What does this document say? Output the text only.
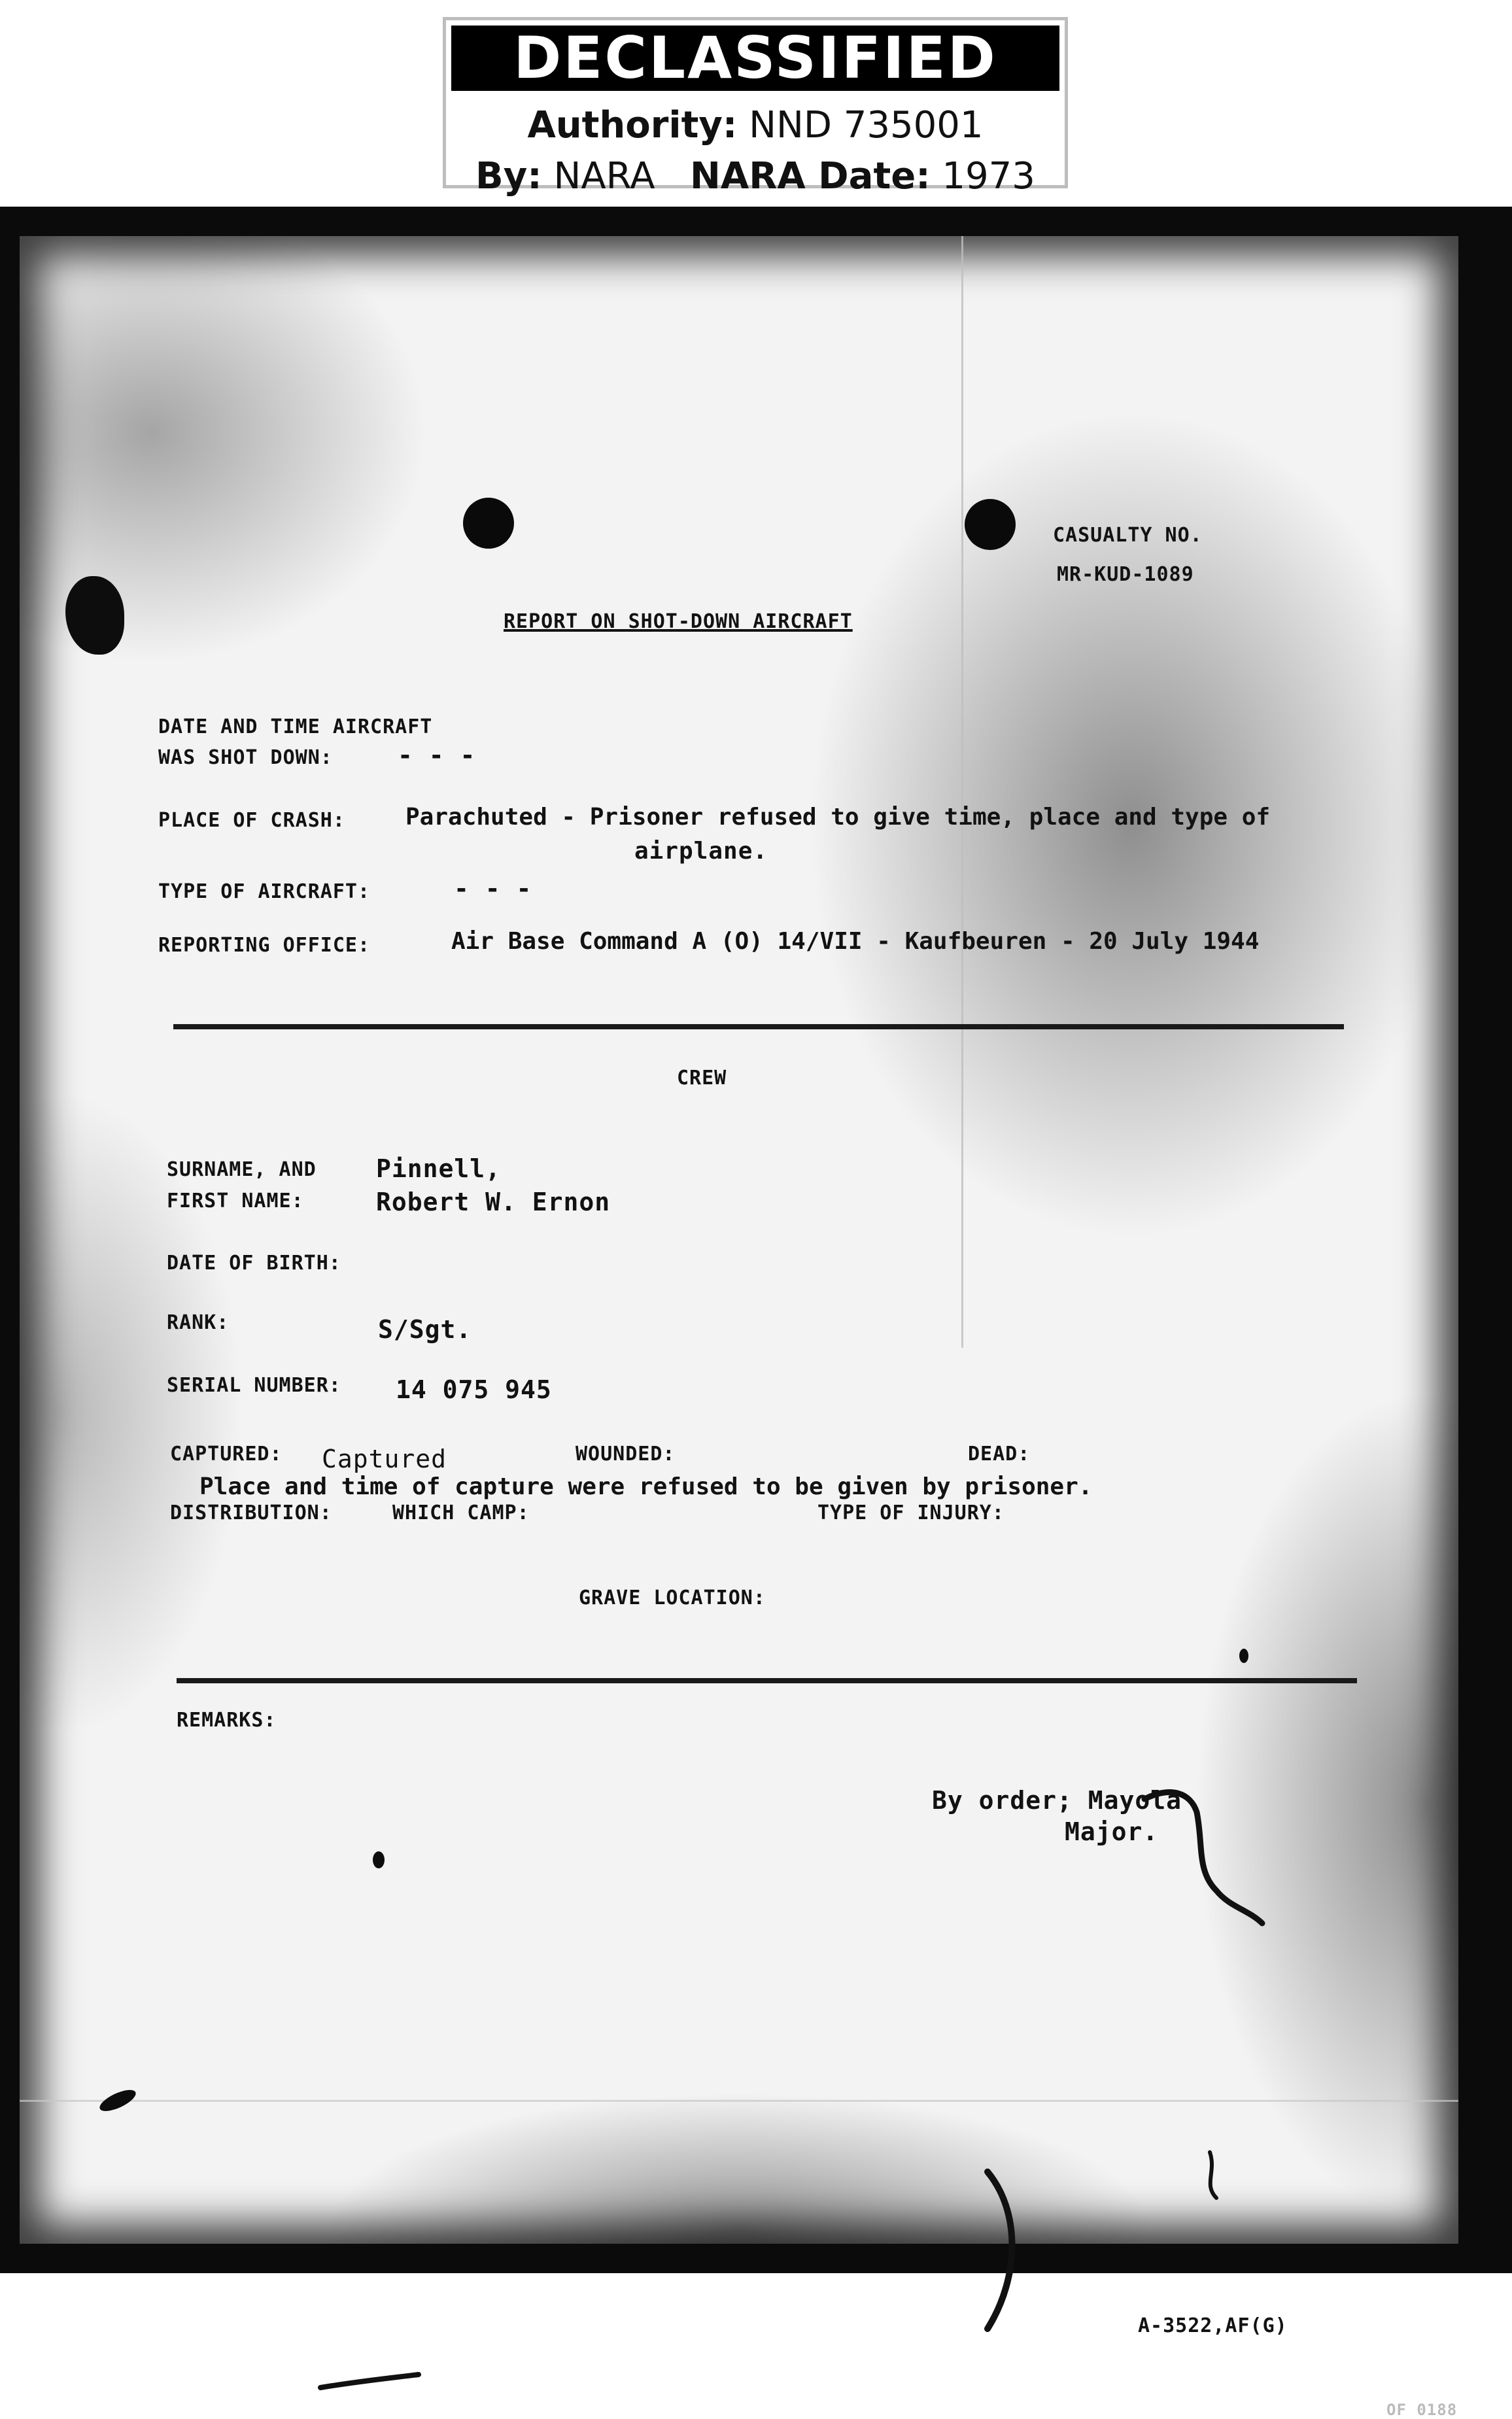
DECLASSIFIED
Authority: NND 735001
By: NARA NARA Date: 1973
CASUALTY NO.
MR-KUD-1089
REPORT ON SHOT-DOWN AIRCRAFT
DATE AND TIME AIRCRAFT
WAS SHOT DOWN:	- - -
PLACE OF CRASH:	Parachuted - Prisoner refused to give time, place and type of
airplane.
TYPE OF AIRCRAFT:	- - -
REPORTING OFFICE:	Air Base Command A (O) 14/VII - Kaufbeuren - 20 July 1944
CREW
SURNAME, AND
FIRST NAME:
Pinnell,
Robert W. Ernon
DATE OF BIRTH:
RANK:	S/Sgt.
SERIAL NUMBER: 14 075 945
CAPTURED: Captured	WOUNDED:	DEAD:
Place and time of capture were refused to be given by prisoner.
DISTRIBUTION:	WHICH CAMP:	TYPE OF INJURY:
GRAVE LOCATION:
REMARKS:
By order; Mayola
Major.
A-3522,AF(G)
OF 0188
